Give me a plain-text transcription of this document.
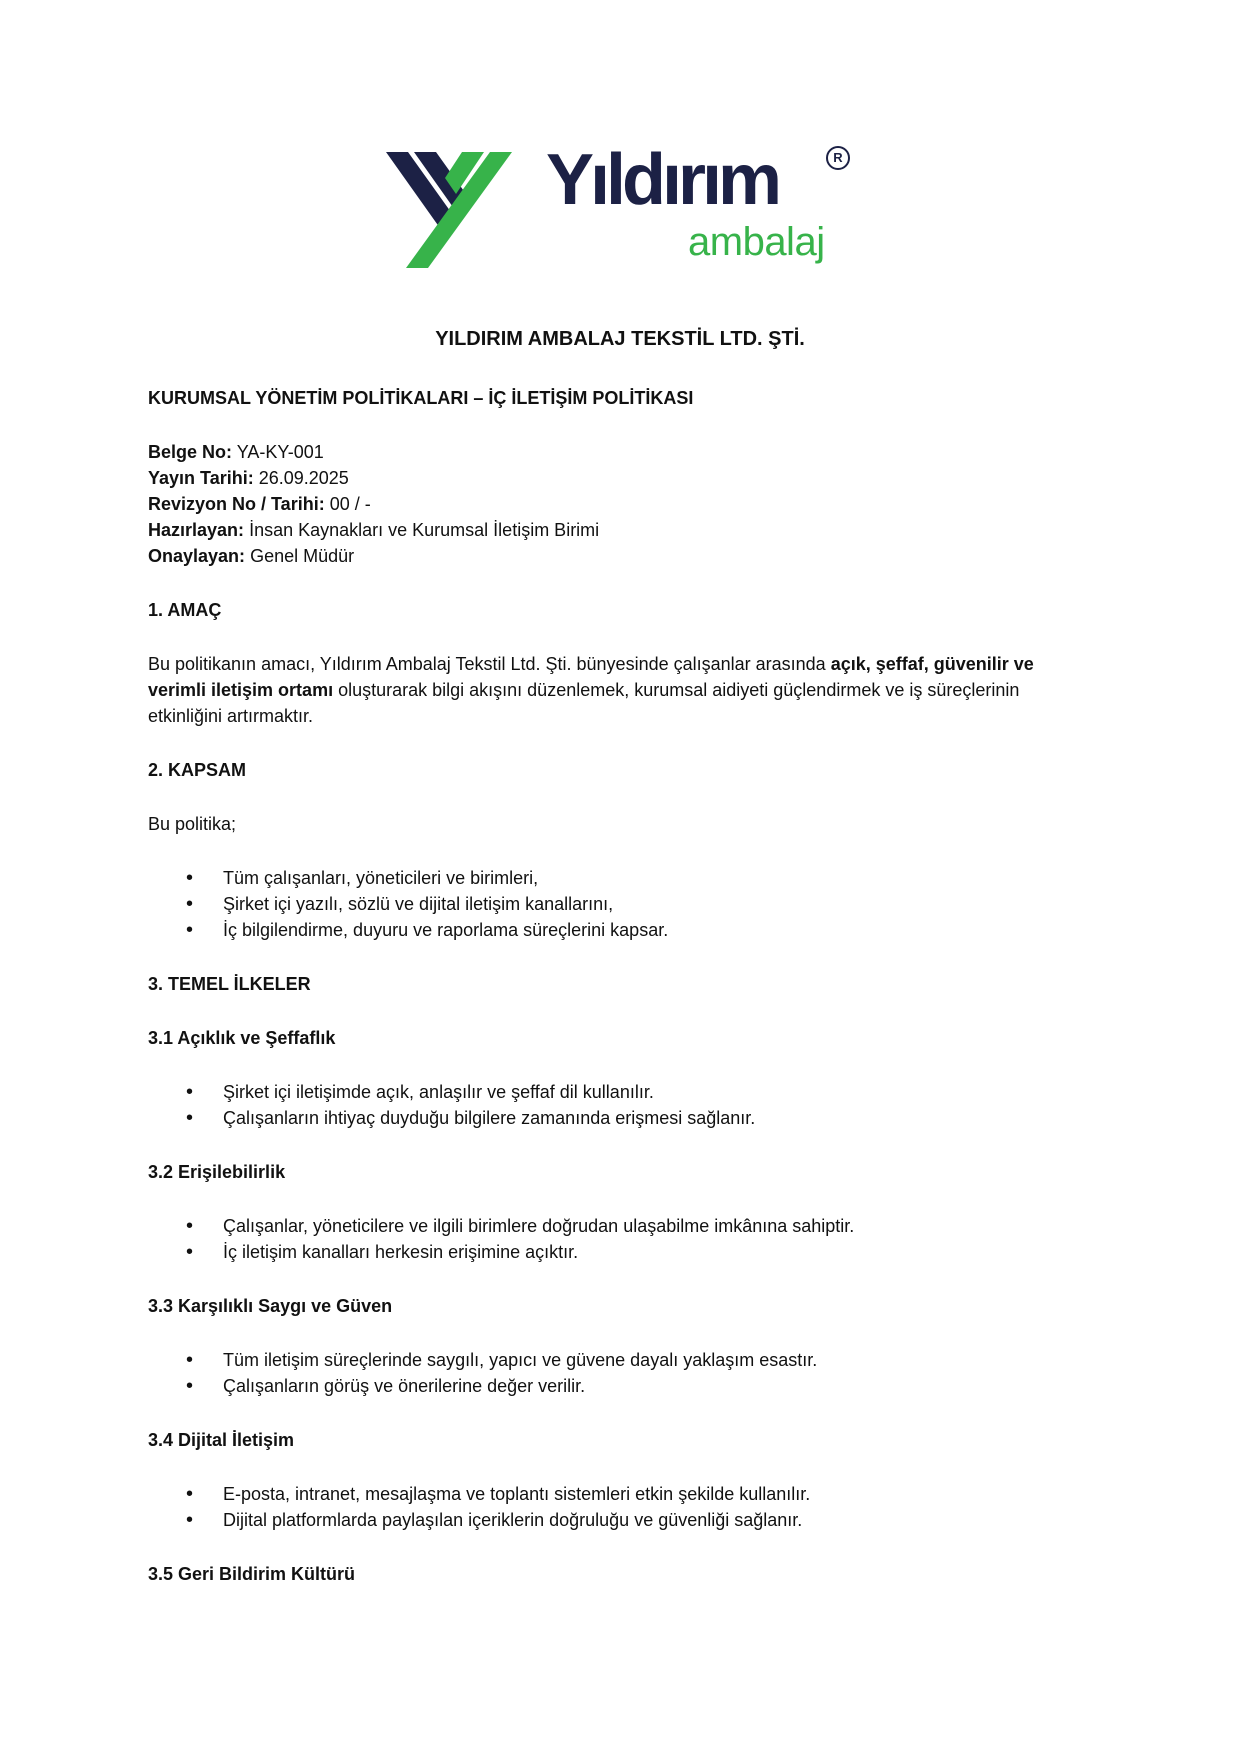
Yıldırım
ambalaj
R
YILDIRIM AMBALAJ TEKSTİL LTD. ŞTİ.

KURUMSAL YÖNETİM POLİTİKALARI – İÇ İLETİŞİM POLİTİKASI

Belge No: YA-KY-001

Yayın Tarihi: 26.09.2025

Revizyon No / Tarihi: 00 / -

Hazırlayan: İnsan Kaynakları ve Kurumsal İletişim Birimi

Onaylayan: Genel Müdür

1. AMAÇ

Bu politikanın amacı, Yıldırım Ambalaj Tekstil Ltd. Şti. bünyesinde çalışanlar arasında açık, şeffaf, güvenilir ve verimli iletişim ortamı oluşturarak bilgi akışını düzenlemek, kurumsal aidiyeti güçlendirmek ve iş süreçlerinin etkinliğini artırmaktır.

2. KAPSAM

Bu politika;

• Tüm çalışanları, yöneticileri ve birimleri,
• Şirket içi yazılı, sözlü ve dijital iletişim kanallarını,
• İç bilgilendirme, duyuru ve raporlama süreçlerini kapsar.

3. TEMEL İLKELER

3.1 Açıklık ve Şeffaflık

• Şirket içi iletişimde açık, anlaşılır ve şeffaf dil kullanılır.
• Çalışanların ihtiyaç duyduğu bilgilere zamanında erişmesi sağlanır.

3.2 Erişilebilirlik

• Çalışanlar, yöneticilere ve ilgili birimlere doğrudan ulaşabilme imkânına sahiptir.
• İç iletişim kanalları herkesin erişimine açıktır.

3.3 Karşılıklı Saygı ve Güven

• Tüm iletişim süreçlerinde saygılı, yapıcı ve güvene dayalı yaklaşım esastır.
• Çalışanların görüş ve önerilerine değer verilir.

3.4 Dijital İletişim

• E-posta, intranet, mesajlaşma ve toplantı sistemleri etkin şekilde kullanılır.
• Dijital platformlarda paylaşılan içeriklerin doğruluğu ve güvenliği sağlanır.

3.5 Geri Bildirim Kültürü
